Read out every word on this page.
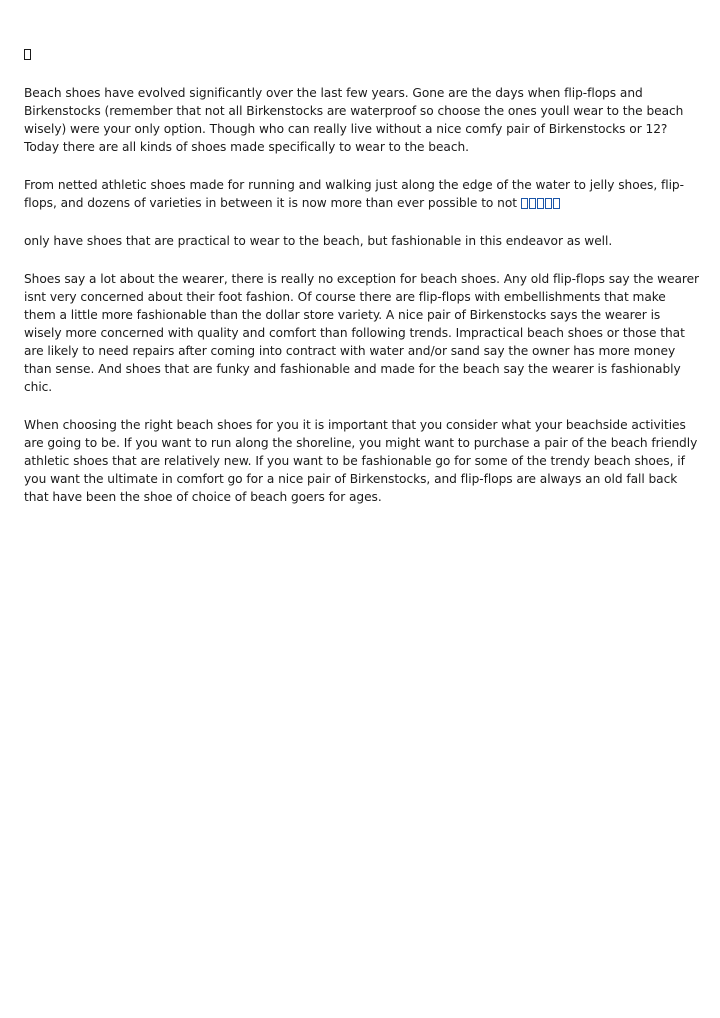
Beach shoes have evolved significantly over the last few years. Gone are the days when flip-flops and Birkenstocks (remember that not all Birkenstocks are waterproof so choose the ones youll wear to the beach wisely) were your only option. Though who can really live without a nice comfy pair of Birkenstocks or 12? Today there are all kinds of shoes made specifically to wear to the beach.

From netted athletic shoes made for running and walking just along the edge of the water to jelly shoes, flip-flops, and dozens of varieties in between it is now more than ever possible to not

only have shoes that are practical to wear to the beach, but fashionable in this endeavor as well.

Shoes say a lot about the wearer, there is really no exception for beach shoes. Any old flip-flops say the wearer isnt very concerned about their foot fashion. Of course there are flip-flops with embellishments that make them a little more fashionable than the dollar store variety. A nice pair of Birkenstocks says the wearer is wisely more concerned with quality and comfort than following trends. Impractical beach shoes or those that are likely to need repairs after coming into contract with water and/or sand say the owner has more money than sense. And shoes that are funky and fashionable and made for the beach say the wearer is fashionably chic.

When choosing the right beach shoes for you it is important that you consider what your beachside activities are going to be. If you want to run along the shoreline, you might want to purchase a pair of the beach friendly athletic shoes that are relatively new. If you want to be fashionable go for some of the trendy beach shoes, if you want the ultimate in comfort go for a nice pair of Birkenstocks, and flip-flops are always an old fall back that have been the shoe of choice of beach goers for ages.
